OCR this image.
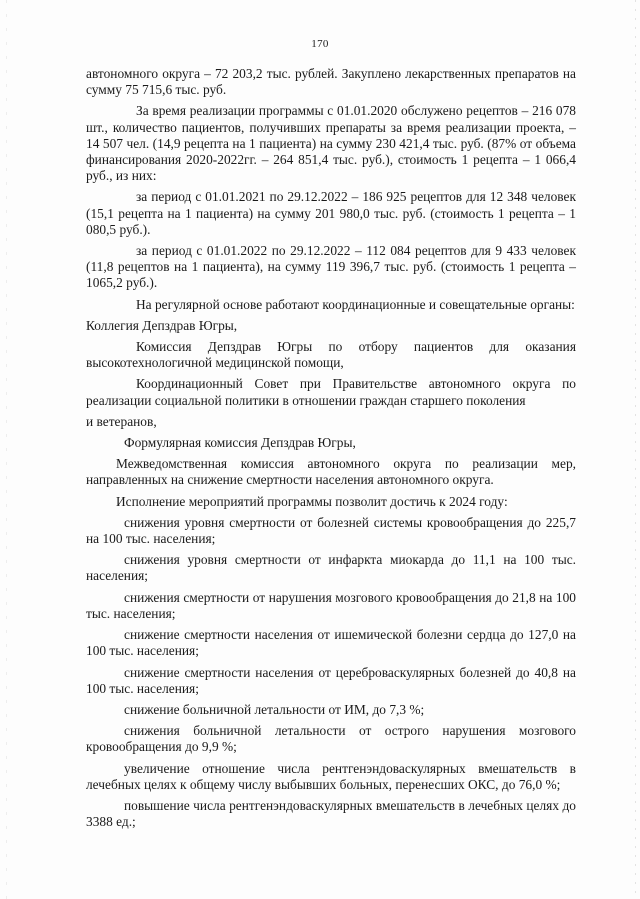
170

автономного округа – 72 203,2 тыс. рублей. Закуплено лекарственных препаратов на сумму 75 715,6 тыс. руб.

За время реализации программы с 01.01.2020 обслужено рецептов – 216 078 шт., количество пациентов, получивших препараты за время реализации проекта, – 14 507 чел. (14,9 рецепта на 1 пациента) на сумму 230 421,4 тыс. руб. (87% от объема финансирования 2020-2022гг. – 264 851,4 тыс. руб.), стоимость 1 рецепта – 1 066,4 руб., из них:

за период с 01.01.2021 по 29.12.2022 – 186 925 рецептов для 12 348 человек (15,1 рецепта на 1 пациента) на сумму 201 980,0 тыс. руб. (стоимость 1 рецепта – 1 080,5 руб.).

за период с 01.01.2022 по 29.12.2022 – 112 084 рецептов для 9 433 человек (11,8 рецептов на 1 пациента), на сумму 119 396,7 тыс. руб. (стоимость 1 рецепта – 1065,2 руб.).

На регулярной основе работают координационные и совещательные органы:

Коллегия Депздрав Югры,

Комиссия Депздрав Югры по отбору пациентов для оказания высокотехнологичной медицинской помощи,

Координационный Совет при Правительстве автономного округа по реализации социальной политики в отношении граждан старшего поколения

и ветеранов,

Формулярная комиссия Депздрав Югры,

Межведомственная комиссия автономного округа по реализации мер, направленных на снижение смертности населения автономного округа.

Исполнение мероприятий программы позволит достичь к 2024 году:

снижения уровня смертности от болезней системы кровообращения до 225,7 на 100 тыс. населения;

снижения уровня смертности от инфаркта миокарда до 11,1 на 100 тыс. населения;

снижения смертности от нарушения мозгового кровообращения до 21,8 на 100 тыс. населения;

снижение смертности населения от ишемической болезни сердца до 127,0 на 100 тыс. населения;

снижение смертности населения от цереброваскулярных болезней до 40,8 на 100 тыс. населения;

снижение больничной летальности от ИМ, до 7,3 %;

снижения больничной летальности от острого нарушения мозгового кровообращения до 9,9 %;

увеличение отношение числа рентгенэндоваскулярных вмешательств в лечебных целях к общему числу выбывших больных, перенесших ОКС, до 76,0 %;

повышение числа рентгенэндоваскулярных вмешательств в лечебных целях до 3388 ед.;
